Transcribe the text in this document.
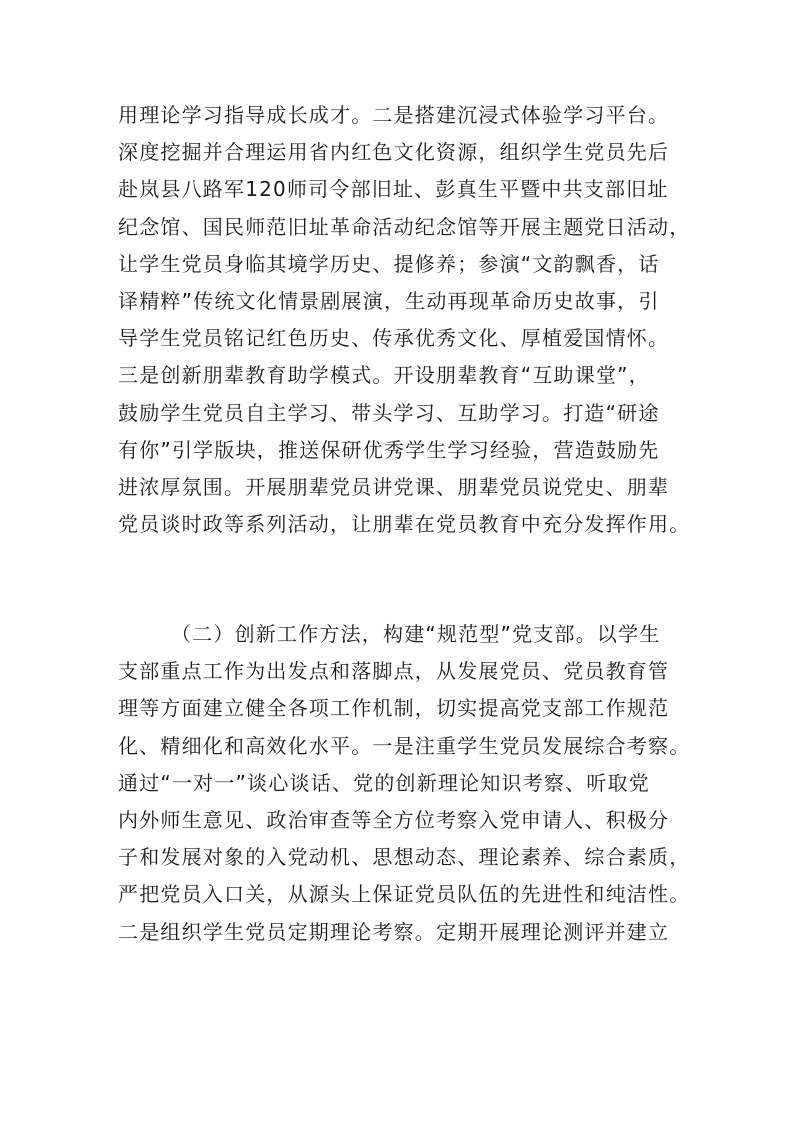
用理论学习指导成长成才。二是搭建沉浸式体验学习平台。
深度挖掘并合理运用省内红色文化资源，组织学生党员先后
赴岚县八路军120师司令部旧址、彭真生平暨中共支部旧址
纪念馆、国民师范旧址革命活动纪念馆等开展主题党日活动，
让学生党员身临其境学历史、提修养；参演“文韵飘香，话
译精粹”传统文化情景剧展演，生动再现革命历史故事，引
导学生党员铭记红色历史、传承优秀文化、厚植爱国情怀。
三是创新朋辈教育助学模式。开设朋辈教育“互助课堂”，
鼓励学生党员自主学习、带头学习、互助学习。打造“研途
有你”引学版块，推送保研优秀学生学习经验，营造鼓励先
进浓厚氛围。开展朋辈党员讲党课、朋辈党员说党史、朋辈
党员谈时政等系列活动，让朋辈在党员教育中充分发挥作用。
（二）创新工作方法，构建“规范型”党支部。以学生
支部重点工作为出发点和落脚点，从发展党员、党员教育管
理等方面建立健全各项工作机制，切实提高党支部工作规范
化、精细化和高效化水平。一是注重学生党员发展综合考察。
通过“一对一”谈心谈话、党的创新理论知识考察、听取党
内外师生意见、政治审查等全方位考察入党申请人、积极分
子和发展对象的入党动机、思想动态、理论素养、综合素质，
严把党员入口关，从源头上保证党员队伍的先进性和纯洁性。
二是组织学生党员定期理论考察。定期开展理论测评并建立
